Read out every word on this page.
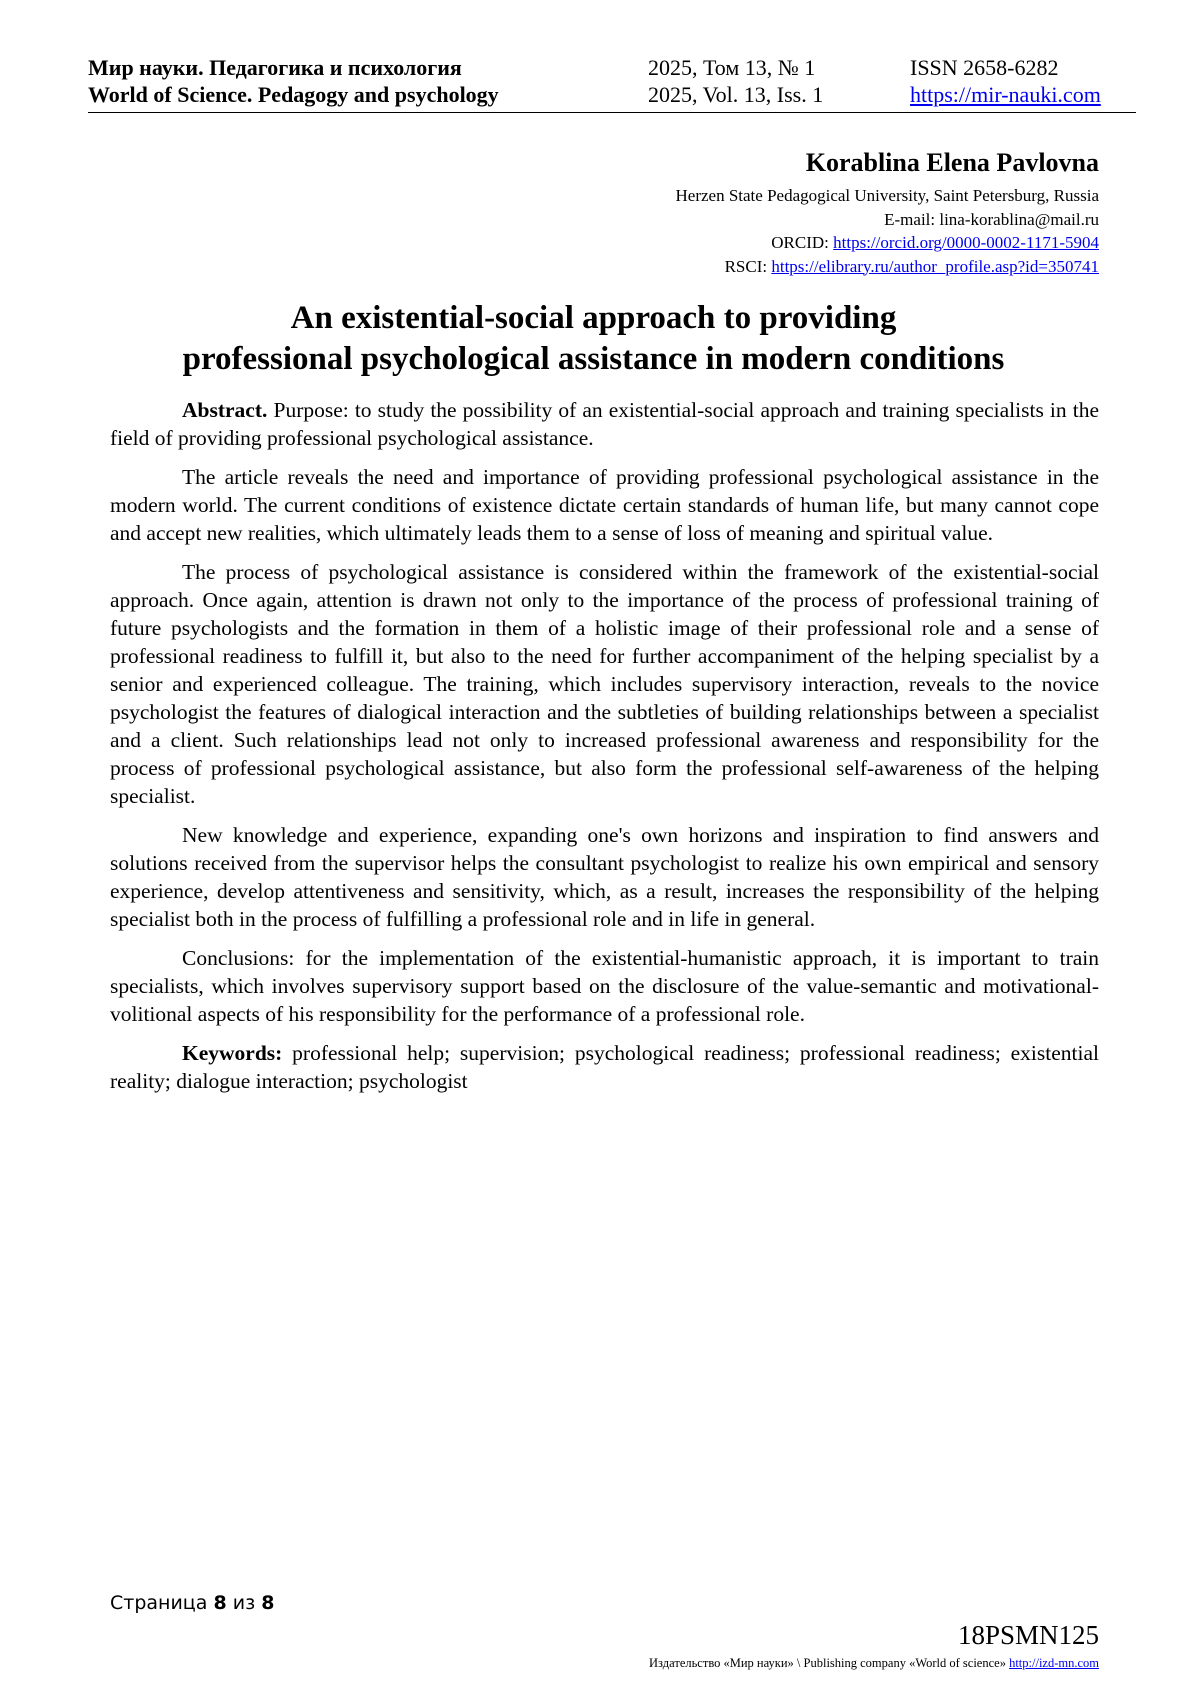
Мир науки. Педагогика и психология
World of Science. Pedagogy and psychology
2025, Том 13, № 1
2025, Vol. 13, Iss. 1
ISSN 2658-6282
https://mir-nauki.com
Korablina Elena Pavlovna
Herzen State Pedagogical University, Saint Petersburg, Russia
E-mail: lina-korablina@mail.ru
ORCID: https://orcid.org/0000-0002-1171-5904
RSCI: https://elibrary.ru/author_profile.asp?id=350741
An existential-social approach to providing
professional psychological assistance in modern conditions

Abstract. Purpose: to study the possibility of an existential-social approach and training specialists in the field of providing professional psychological assistance.

The article reveals the need and importance of providing professional psychological assistance in the modern world. The current conditions of existence dictate certain standards of human life, but many cannot cope and accept new realities, which ultimately leads them to a sense of loss of meaning and spiritual value.

The process of psychological assistance is considered within the framework of the existential-social approach. Once again, attention is drawn not only to the importance of the process of professional training of future psychologists and the formation in them of a holistic image of their professional role and a sense of professional readiness to fulfill it, but also to the need for further accompaniment of the helping specialist by a senior and experienced colleague. The training, which includes supervisory interaction, reveals to the novice psychologist the features of dialogical interaction and the subtleties of building relationships between a specialist and a client. Such relationships lead not only to increased professional awareness and responsibility for the process of professional psychological assistance, but also form the professional self-awareness of the helping specialist.

New knowledge and experience, expanding one's own horizons and inspiration to find answers and solutions received from the supervisor helps the consultant psychologist to realize his own empirical and sensory experience, develop attentiveness and sensitivity, which, as a result, increases the responsibility of the helping specialist both in the process of fulfilling a professional role and in life in general.

Conclusions: for the implementation of the existential-humanistic approach, it is important to train specialists, which involves supervisory support based on the disclosure of the value-semantic and motivational-volitional aspects of his responsibility for the performance of a professional role.

Keywords: professional help; supervision; psychological readiness; professional readiness; existential reality; dialogue interaction; psychologist

Страница 8 из 8
18PSMN125
Издательство «Мир науки» \ Publishing company «World of science» http://izd-mn.com
